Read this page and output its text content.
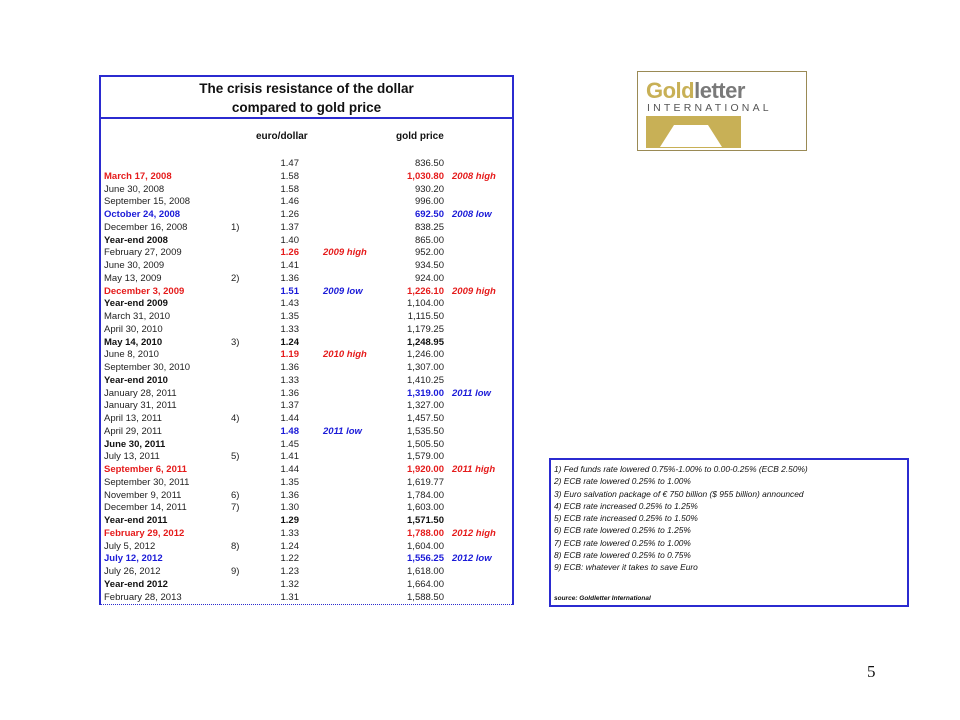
The crisis resistance of the dollar
compared to gold price
euro/dollar	gold price
1.47	836.50
March 17, 2008	1.58	1,030.80 2008 high
June 30, 2008	1.58	930.20
September 15, 2008	1.46	996.00
October 24, 2008	1.26	692.50 2008 low
December 16, 2008	1)	1.37	838.25
Year-end 2008	1.40	865.00
February 27, 2009	1.26	2009 high	952.00
June 30, 2009	1.41	934.50
May 13, 2009	2)	1.36	924.00
December 3, 2009	1.51	2009 low	1,226.10 2009 high
Year-end 2009	1.43	1,104.00
March 31, 2010	1.35	1,115.50
April 30, 2010	1.33	1,179.25
May 14, 2010	3)	1.24	1,248.95
June 8, 2010	1.19	2010 high	1,246.00
September 30, 2010	1.36	1,307.00
Year-end 2010	1.33	1,410.25
January 28, 2011	1.36	1,319.00 2011 low
January 31, 2011	1.37	1,327.00
April 13, 2011	4)	1.44	1,457.50
April 29, 2011	1.48	2011 low	1,535.50
June 30, 2011	1.45	1,505.50
July 13, 2011	5)	1.41	1,579.00
September 6, 2011	1.44	1,920.00 2011 high
September 30, 2011	1.35	1,619.77
November 9, 2011	6)	1.36	1,784.00
December 14, 2011	7)	1.30	1,603.00
Year-end 2011	1.29	1,571.50
February 29, 2012	1.33	1,788.00 2012 high
July 5, 2012	8)	1.24	1,604.00
July 12, 2012	1.22	1,556.25 2012 low
July 26, 2012	9)	1.23	1,618.00
Year-end 2012	1.32	1,664.00
February 28, 2013	1.31	1,588.50
Goldletter
INTERNATIONAL
1) Fed funds rate lowered 0.75%-1.00% to 0.00-0.25% (ECB 2.50%)
2) ECB rate lowered 0.25% to 1.00%
3) Euro salvation package of € 750 billion ($ 955 billion) announced
4) ECB rate increased 0.25% to 1.25%
5) ECB rate increased 0.25% to 1.50%
6) ECB rate lowered 0.25% to 1.25%
7) ECB rate lowered 0.25% to 1.00%
8) ECB rate lowered 0.25% to 0.75%
9) ECB: whatever it takes to save Euro
source: Goldletter International
5
